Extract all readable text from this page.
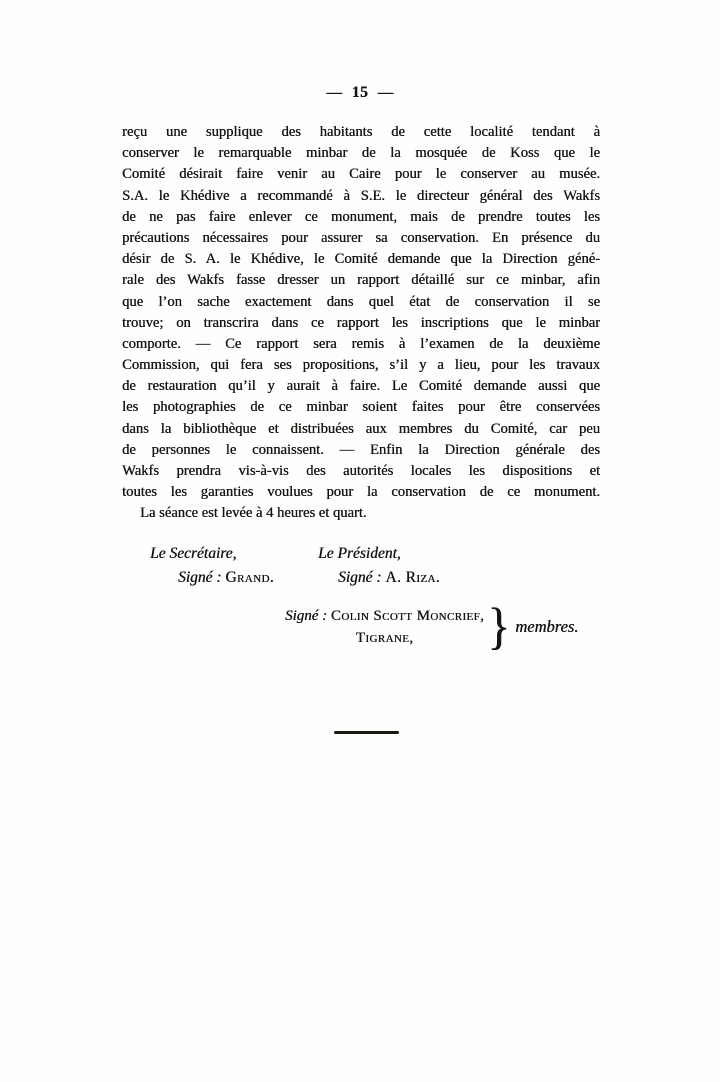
— 15 —
reçu une supplique des habitants de cette localité tendant à
conserver le remarquable minbar de la mosquée de Koss que le
Comité désirait faire venir au Caire pour le conserver au musée.
S.A. le Khédive a recommandé à S.E. le directeur général des Wakfs
de ne pas faire enlever ce monument, mais de prendre toutes les
précautions nécessaires pour assurer sa conservation. En présence du
désir de S. A. le Khédive, le Comité demande que la Direction géné-
rale des Wakfs fasse dresser un rapport détaillé sur ce minbar, afin
que l’on sache exactement dans quel état de conservation il se
trouve; on transcrira dans ce rapport les inscriptions que le minbar
comporte. — Ce rapport sera remis à l’examen de la deuxième
Commission, qui fera ses propositions, s’il y a lieu, pour les travaux
de restauration qu’il y aurait à faire. Le Comité demande aussi que
les photographies de ce minbar soient faites pour être conservées
dans la bibliothèque et distribuées aux membres du Comité, car peu
de personnes le connaissent. — Enfin la Direction générale des
Wakfs prendra vis-à-vis des autorités locales les dispositions et
toutes les garanties voulues pour la conservation de ce monument.
La séance est levée à 4 heures et quart.
Le Secrétaire,	Le Président,
Signé : Grand.	Signé : A. Riza.
Signé : Colin Scott Moncrief,
Tigrane,	} membres.
